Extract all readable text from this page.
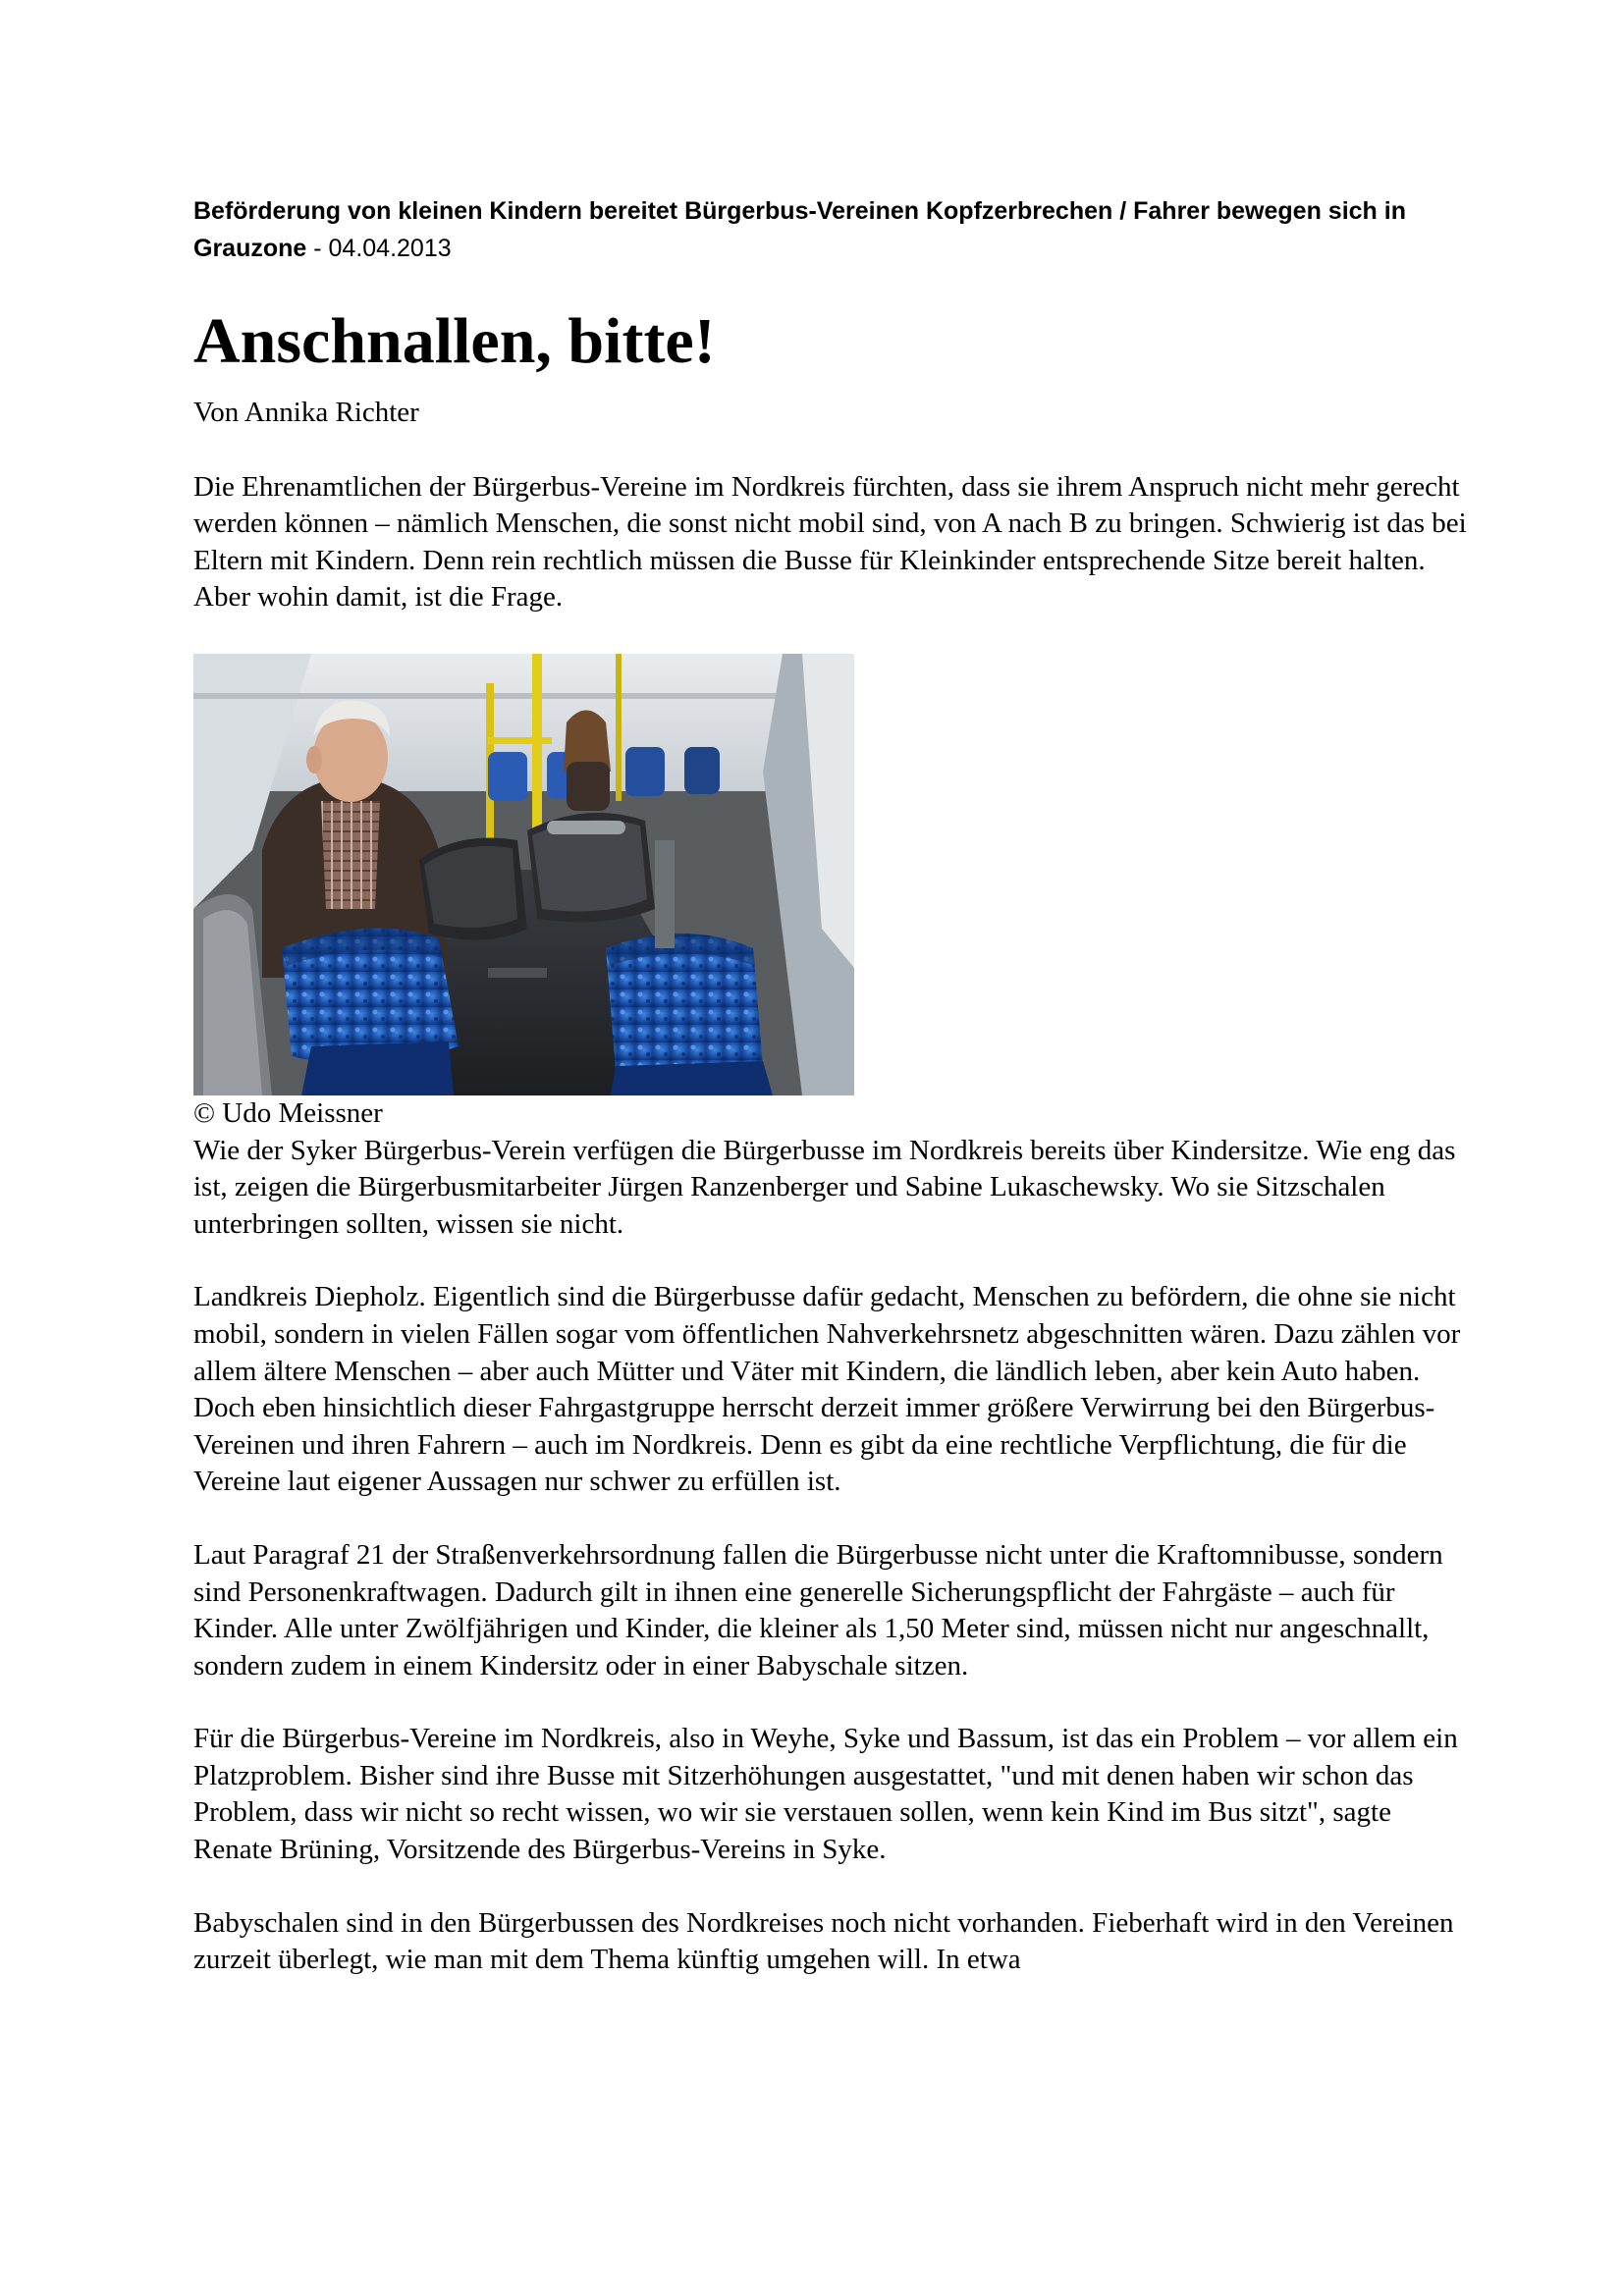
Beförderung von kleinen Kindern bereitet Bürgerbus-Vereinen Kopfzerbrechen / Fahrer bewegen sich in Grauzone - 04.04.2013

Anschnallen, bitte!

Von Annika Richter

Die Ehrenamtlichen der Bürgerbus-Vereine im Nordkreis fürchten, dass sie ihrem Anspruch nicht mehr gerecht werden können – nämlich Menschen, die sonst nicht mobil sind, von A nach B zu bringen. Schwierig ist das bei Eltern mit Kindern. Denn rein rechtlich müssen die Busse für Kleinkinder entsprechende Sitze bereit halten. Aber wohin damit, ist die Frage.

© Udo Meissner

Wie der Syker Bürgerbus-Verein verfügen die Bürgerbusse im Nordkreis bereits über Kindersitze. Wie eng das ist, zeigen die Bürgerbusmitarbeiter Jürgen Ranzenberger und Sabine Lukaschewsky. Wo sie Sitzschalen unterbringen sollten, wissen sie nicht.

Landkreis Diepholz. Eigentlich sind die Bürgerbusse dafür gedacht, Menschen zu befördern, die ohne sie nicht mobil, sondern in vielen Fällen sogar vom öffentlichen Nahverkehrsnetz abgeschnitten wären. Dazu zählen vor allem ältere Menschen – aber auch Mütter und Väter mit Kindern, die ländlich leben, aber kein Auto haben. Doch eben hinsichtlich dieser Fahrgastgruppe herrscht derzeit immer größere Verwirrung bei den Bürgerbus-Vereinen und ihren Fahrern – auch im Nordkreis. Denn es gibt da eine rechtliche Verpflichtung, die für die Vereine laut eigener Aussagen nur schwer zu erfüllen ist.

Laut Paragraf 21 der Straßenverkehrsordnung fallen die Bürgerbusse nicht unter die Kraftomnibusse, sondern sind Personenkraftwagen. Dadurch gilt in ihnen eine generelle Sicherungspflicht der Fahrgäste – auch für Kinder. Alle unter Zwölfjährigen und Kinder, die kleiner als 1,50 Meter sind, müssen nicht nur angeschnallt, sondern zudem in einem Kindersitz oder in einer Babyschale sitzen.

Für die Bürgerbus-Vereine im Nordkreis, also in Weyhe, Syke und Bassum, ist das ein Problem – vor allem ein Platzproblem. Bisher sind ihre Busse mit Sitzerhöhungen ausgestattet, "und mit denen haben wir schon das Problem, dass wir nicht so recht wissen, wo wir sie verstauen sollen, wenn kein Kind im Bus sitzt", sagte Renate Brüning, Vorsitzende des Bürgerbus-Vereins in Syke.

Babyschalen sind in den Bürgerbussen des Nordkreises noch nicht vorhanden. Fieberhaft wird in den Vereinen zurzeit überlegt, wie man mit dem Thema künftig umgehen will. In etwa
